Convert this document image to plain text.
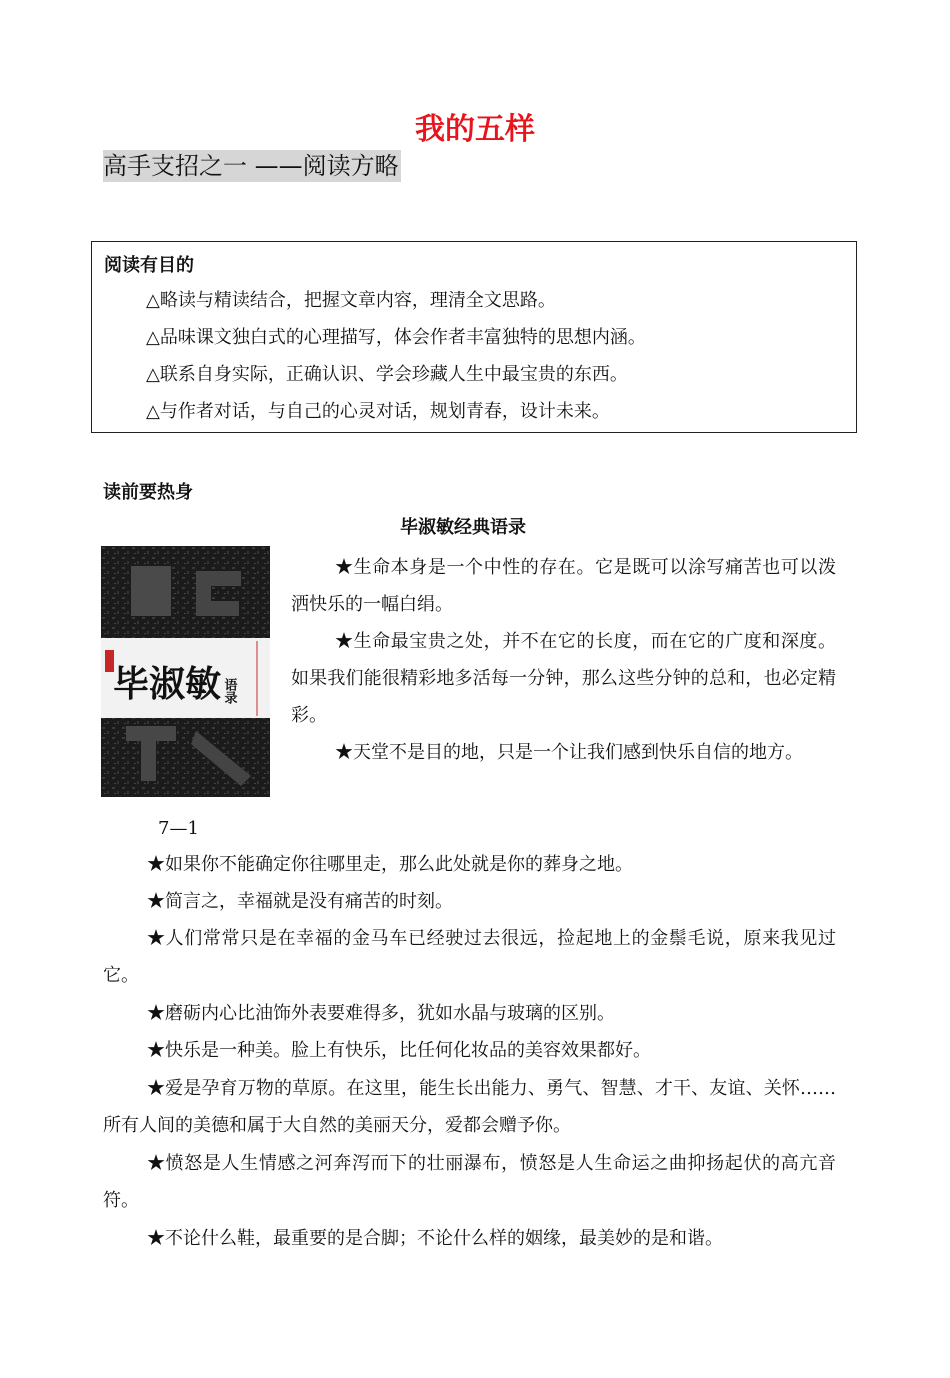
我的五样
高手支招之一 ——阅读方略
阅读有目的
△略读与精读结合，把握文章内容，理清全文思路。
△品味课文独白式的心理描写，体会作者丰富独特的思想内涵。
△联系自身实际，正确认识、学会珍藏人生中最宝贵的东西。
△与作者对话，与自己的心灵对话，规划青春，设计未来。
读前要热身
毕淑敏经典语录
毕淑敏 语录

★生命本身是一个中性的存在。它是既可以涂写痛苦也可以泼洒快乐的一幅白绢。

★生命最宝贵之处，并不在它的长度，而在它的广度和深度。如果我们能很精彩地多活每一分钟，那么这些分钟的总和，也必定精彩。

★天堂不是目的地，只是一个让我们感到快乐自信的地方。

7—1

★如果你不能确定你往哪里走，那么此处就是你的葬身之地。

★简言之，幸福就是没有痛苦的时刻。

★人们常常只是在幸福的金马车已经驶过去很远，捡起地上的金鬃毛说，原来我见过它。

★磨砺内心比油饰外表要难得多，犹如水晶与玻璃的区别。

★快乐是一种美。脸上有快乐，比任何化妆品的美容效果都好。

★爱是孕育万物的草原。在这里，能生长出能力、勇气、智慧、才干、友谊、关怀……所有人间的美德和属于大自然的美丽天分，爱都会赠予你。

★愤怒是人生情感之河奔泻而下的壮丽瀑布，愤怒是人生命运之曲抑扬起伏的高亢音符。

★不论什么鞋，最重要的是合脚；不论什么样的姻缘，最美妙的是和谐。
